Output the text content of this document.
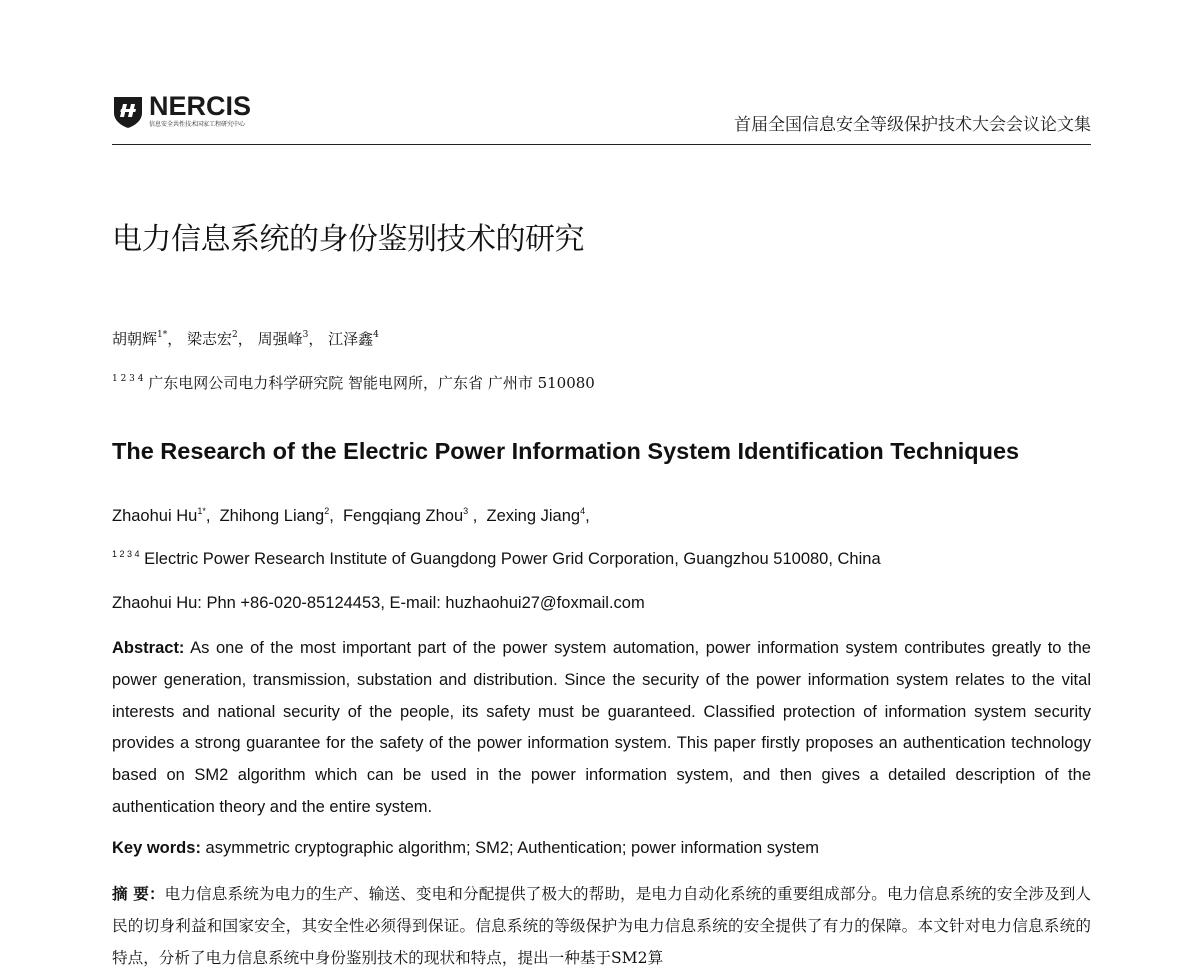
NERCIS
信息安全共性技术国家工程研究中心	首届全国信息安全等级保护技术大会会议论文集
电力信息系统的身份鉴别技术的研究
胡朝辉$^{1*}$， 梁志宏$^2$， 周强峰$^3$， 江泽鑫$^4$
$^{1 2 3 4}$ 广东电网公司电力科学研究院 智能电网所，广东省 广州市 510080
The Research of the Electric Power Information System Identification Techniques
Zhaohui $Hu^{1*}$,  Zhihong Liang$^2$,  Fengqiang Zhou$^3$ ,  Zexing Jiang$^4$,
$^{1 2 3 4}$ Electric Power Research Institute of Guangdong Power Grid Corporation, Guangzhou 510080, China
Zhaohui Hu: Phn +86-020-85124453, E-mail: huzhaohui27@foxmail.com
Abstract: As one of the most important part of the power system automation, power information system contributes greatly to the power generation, transmission, substation and distribution. Since the security of the power information system relates to the vital interests and national security of the people, its safety must be guaranteed. Classified protection of information system security provides a strong guarantee for the safety of the power information system. This paper firstly proposes an authentication technology based on SM2 algorithm which can be used in the power information system, and then gives a detailed description of the authentication theory and the entire system.
Key words: asymmetric cryptographic algorithm; SM2; Authentication; power information system
摘 要：电力信息系统为电力的生产、输送、变电和分配提供了极大的帮助，是电力自动化系统的重要组成部分。电力信息系统的安全涉及到人民的切身利益和国家安全，其安全性必须得到保证。信息系统的等级保护为电力信息系统的安全提供了有力的保障。本文针对电力信息系统的特点，分析了电力信息系统中身份鉴别技术的现状和特点，提出一种基于SM2算
